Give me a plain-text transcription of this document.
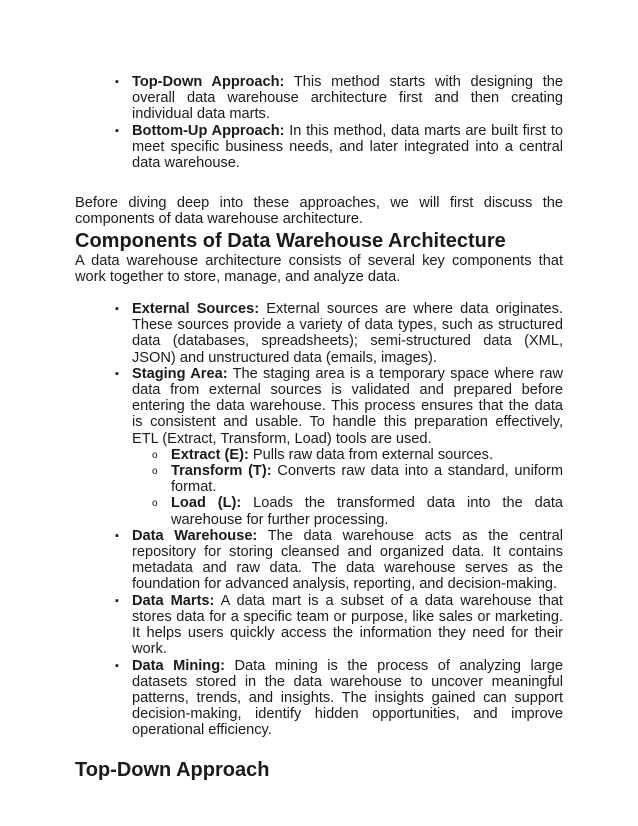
▪ Top-Down Approach: This method starts with designing the overall data warehouse architecture first and then creating individual data marts.
▪ Bottom-Up Approach: In this method, data marts are built first to meet specific business needs, and later integrated into a central data warehouse.

Before diving deep into these approaches, we will first discuss the components of data warehouse architecture.

Components of Data Warehouse Architecture

A data warehouse architecture consists of several key components that work together to store, manage, and analyze data.

▪ External Sources: External sources are where data originates. These sources provide a variety of data types, such as structured data (databases, spreadsheets); semi-structured data (XML, JSON) and unstructured data (emails, images).
▪ Staging Area: The staging area is a temporary space where raw data from external sources is validated and prepared before entering the data warehouse. This process ensures that the data is consistent and usable. To handle this preparation effectively, ETL (Extract, Transform, Load) tools are used.
o Extract (E): Pulls raw data from external sources.
o Transform (T): Converts raw data into a standard, uniform format.
o Load (L): Loads the transformed data into the data warehouse for further processing.
▪ Data Warehouse: The data warehouse acts as the central repository for storing cleansed and organized data. It contains metadata and raw data. The data warehouse serves as the foundation for advanced analysis, reporting, and decision-making.
▪ Data Marts: A data mart is a subset of a data warehouse that stores data for a specific team or purpose, like sales or marketing. It helps users quickly access the information they need for their work.
▪ Data Mining: Data mining is the process of analyzing large datasets stored in the data warehouse to uncover meaningful patterns, trends, and insights. The insights gained can support decision-making, identify hidden opportunities, and improve operational efficiency.
Top-Down Approach
